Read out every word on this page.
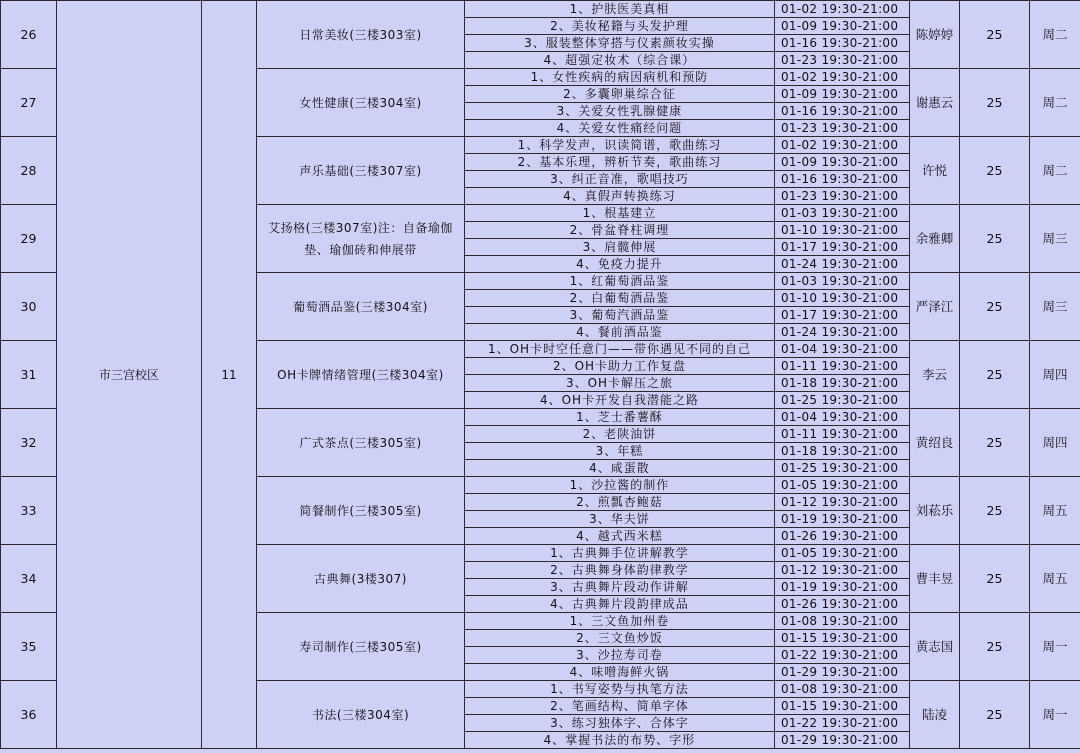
26	市三宫校区	11	日常美妆(三楼303室)	1、护肤医美真相	01-02 19:30-21:00	陈婷婷	25	周二
				2、美妆秘籍与头发护理	01-09 19:30-21:00			
				3、服装整体穿搭与仪素颜妆实操	01-16 19:30-21:00			
				4、超强定妆术（综合课）	01-23 19:30-21:00			
27			女性健康(三楼304室)	1、女性疾病的病因病机和预防	01-02 19:30-21:00	谢惠云	25	周二
				2、多囊卵巢综合征	01-09 19:30-21:00			
				3、关爱女性乳腺健康	01-16 19:30-21:00			
				4、关爱女性痛经问题	01-23 19:30-21:00			
28			声乐基础(三楼307室)	1、科学发声，识读简谱，歌曲练习	01-02 19:30-21:00	许悦	25	周二
				2、基本乐理，辨析节奏，歌曲练习	01-09 19:30-21:00			
				3、纠正音准，歌唱技巧	01-16 19:30-21:00			
				4、真假声转换练习	01-23 19:30-21:00			
29			艾扬格(三楼307室)注：自备瑜伽垫、瑜伽砖和伸展带	1、根基建立	01-03 19:30-21:00	余雅卿	25	周三
				2、骨盆脊柱调理	01-10 19:30-21:00			
				3、肩髋伸展	01-17 19:30-21:00			
				4、免疫力提升	01-24 19:30-21:00			
30			葡萄酒品鉴(三楼304室)	1、红葡萄酒品鉴	01-03 19:30-21:00	严泽江	25	周三
				2、白葡萄酒品鉴	01-10 19:30-21:00			
				3、葡萄汽酒品鉴	01-17 19:30-21:00			
				4、餐前酒品鉴	01-24 19:30-21:00			
31			OH卡牌情绪管理(三楼304室)	1、OH卡时空任意门——带你遇见不同的自己	01-04 19:30-21:00	李云	25	周四
				2、OH卡助力工作复盘	01-11 19:30-21:00			
				3、OH卡解压之旅	01-18 19:30-21:00			
				4、OH卡开发自我潜能之路	01-25 19:30-21:00			
32			广式茶点(三楼305室)	1、芝士番薯酥	01-04 19:30-21:00	黄绍良	25	周四
				2、老陕油饼	01-11 19:30-21:00			
				3、年糕	01-18 19:30-21:00			
				4、咸蛋散	01-25 19:30-21:00			
33			简餐制作(三楼305室)	1、沙拉酱的制作	01-05 19:30-21:00	刘菘乐	25	周五
				2、煎瓢杏鲍菇	01-12 19:30-21:00			
				3、华夫饼	01-19 19:30-21:00			
				4、越式西米糕	01-26 19:30-21:00			
34			古典舞(3楼307)	1、古典舞手位讲解教学	01-05 19:30-21:00	曹丰昱	25	周五
				2、古典舞身体韵律教学	01-12 19:30-21:00			
				3、古典舞片段动作讲解	01-19 19:30-21:00			
				4、古典舞片段韵律成品	01-26 19:30-21:00			
35			寿司制作(三楼305室)	1、三文鱼加州卷	01-08 19:30-21:00	黄志国	25	周一
				2、三文鱼炒饭	01-15 19:30-21:00			
				3、沙拉寿司卷	01-22 19:30-21:00			
				4、味噌海鲜火锅	01-29 19:30-21:00			
36			书法(三楼304室)	1、书写姿势与执笔方法	01-08 19:30-21:00	陆凌	25	周一
				2、笔画结构、简单字体	01-15 19:30-21:00			
				3、练习独体字、合体字	01-22 19:30-21:00			
				4、掌握书法的布势、字形	01-29 19:30-21:00			
